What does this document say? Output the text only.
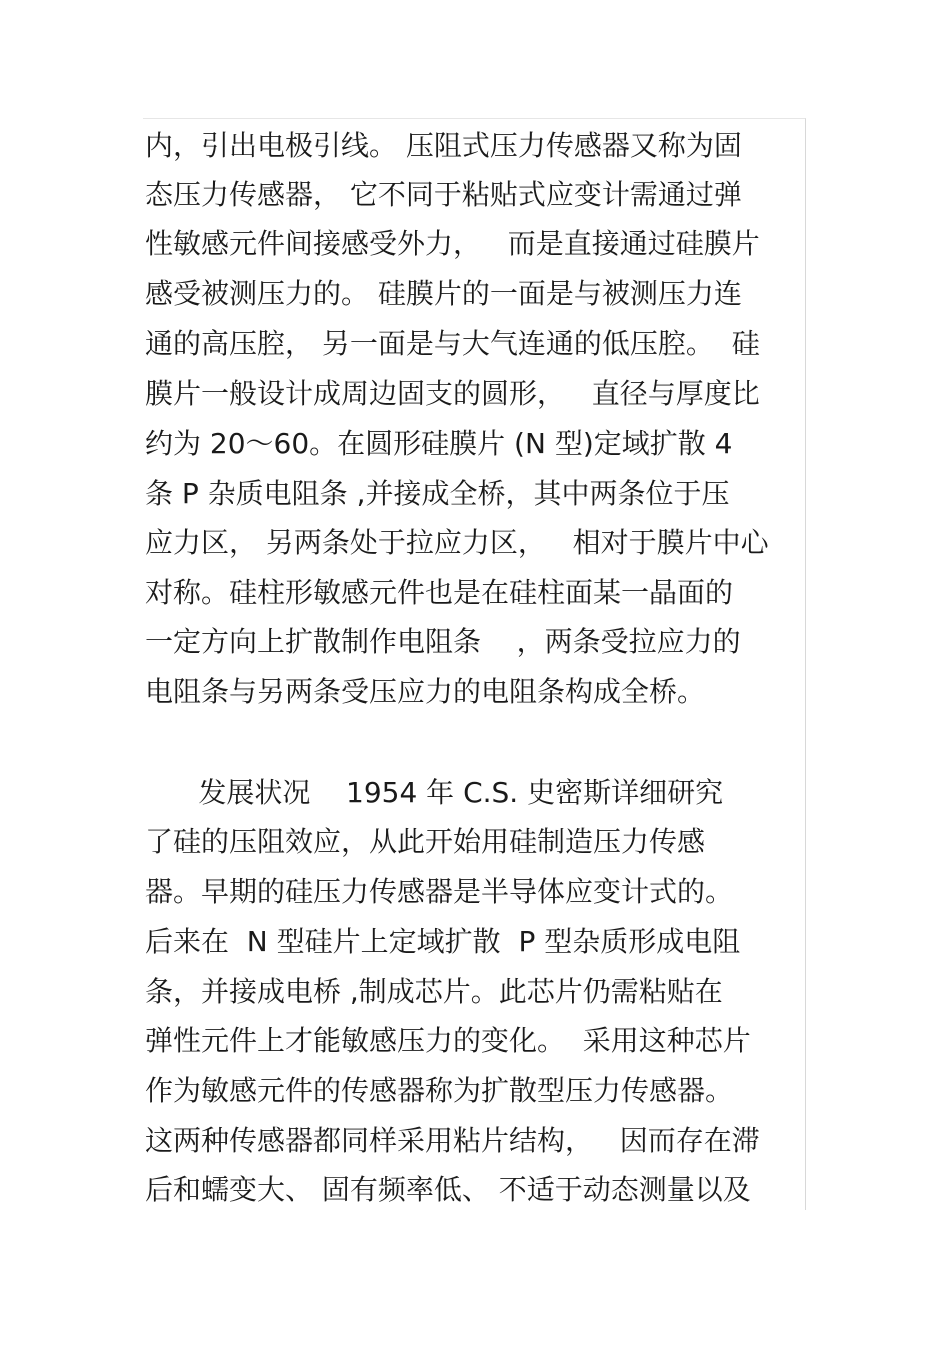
内，引出电极引线。 压阻式压力传感器又称为固
态压力传感器， 它不同于粘贴式应变计需通过弹
性敏感元件间接感受外力，   而是直接通过硅膜片
感受被测压力的。 硅膜片的一面是与被测压力连
通的高压腔， 另一面是与大气连通的低压腔。  硅
膜片一般设计成周边固支的圆形，   直径与厚度比
约为 20～60。在圆形硅膜片 (N 型)定域扩散 4
条 P 杂质电阻条 ,并接成全桥，其中两条位于压
应力区， 另两条处于拉应力区，   相对于膜片中心
对称。硅柱形敏感元件也是在硅柱面某一晶面的
一定方向上扩散制作电阻条    ，两条受拉应力的
电阻条与另两条受压应力的电阻条构成全桥。
发展状况    1954 年 C.S. 史密斯详细研究
了硅的压阻效应，从此开始用硅制造压力传感
器。早期的硅压力传感器是半导体应变计式的。
后来在  N 型硅片上定域扩散  P 型杂质形成电阻
条，并接成电桥 ,制成芯片。此芯片仍需粘贴在
弹性元件上才能敏感压力的变化。  采用这种芯片
作为敏感元件的传感器称为扩散型压力传感器。
这两种传感器都同样采用粘片结构，   因而存在滞
后和蠕变大、 固有频率低、 不适于动态测量以及
